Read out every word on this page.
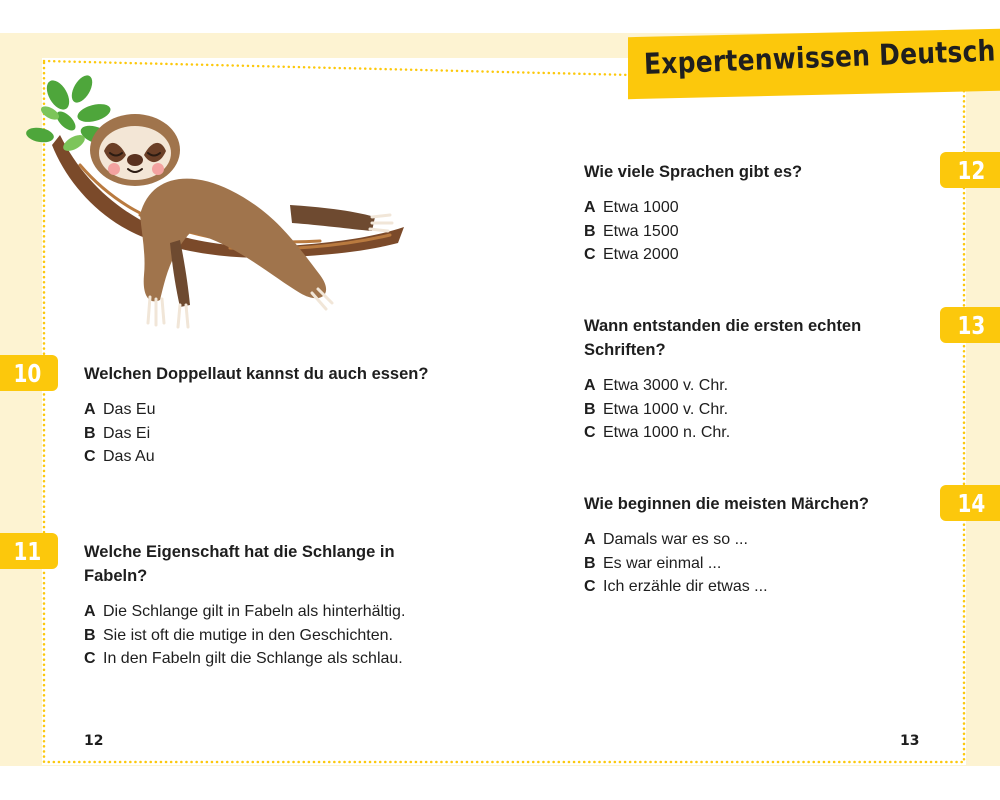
Expertenwissen Deutsch
10	Welchen Doppellaut kannst du auch essen?

A Das Eu
B Das Ei
C Das Au
11	Welche Eigenschaft hat die Schlange in Fabeln?

A Die Schlange gilt in Fabeln als hinterhältig.
B Sie ist oft die mutige in den Geschichten.
C In den Fabeln gilt die Schlange als schlau.
12

Wie viele Sprachen gibt es?

A Etwa 1000
B Etwa 1500
C Etwa 2000
13

Wann entstanden die ersten echten Schriften?

A Etwa 3000 v. Chr.
B Etwa 1000 v. Chr.
C Etwa 1000 n. Chr.
14

Wie beginnen die meisten Märchen?

A Damals war es so ...
B Es war einmal ...
C Ich erzähle dir etwas ...
12	13
